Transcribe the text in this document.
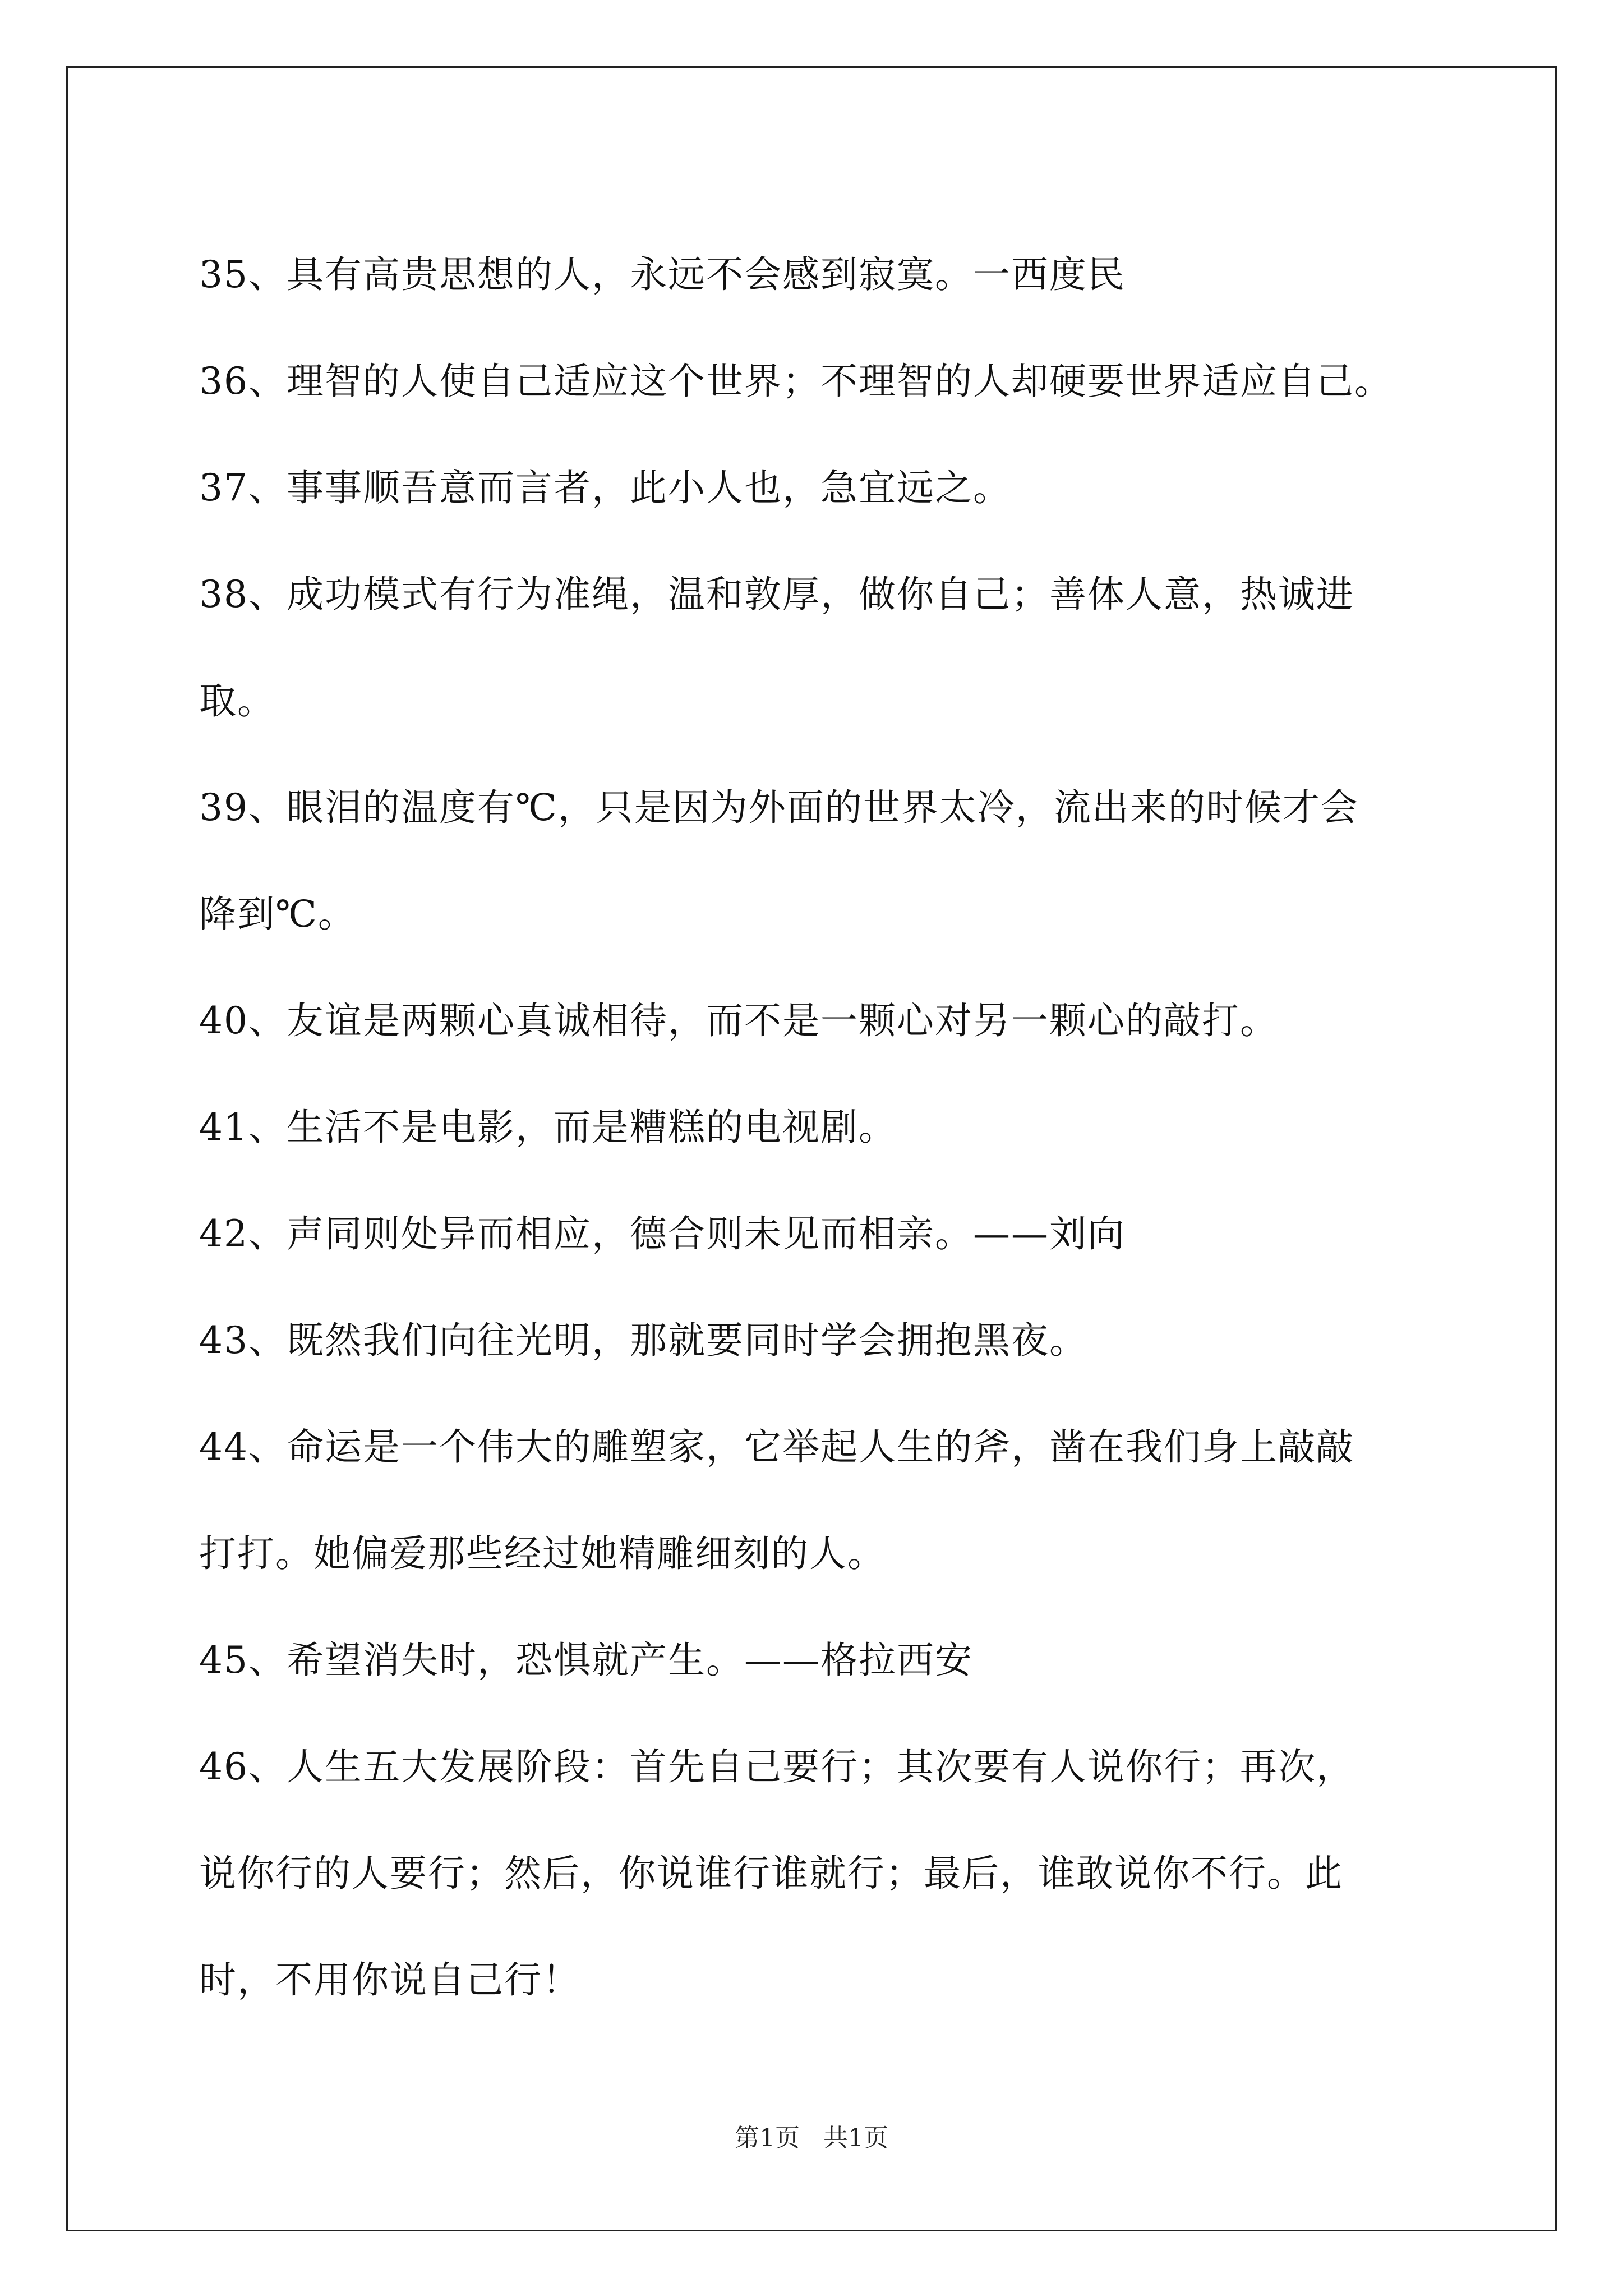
35、具有高贵思想的人，永远不会感到寂寞。一西度民
36、理智的人使自己适应这个世界；不理智的人却硬要世界适应自己。
37、事事顺吾意而言者，此小人也，急宜远之。
38、成功模式有行为准绳，温和敦厚，做你自己；善体人意，热诚进
取。
39、眼泪的温度有℃，只是因为外面的世界太冷，流出来的时候才会
降到℃。
40、友谊是两颗心真诚相待，而不是一颗心对另一颗心的敲打。
41、生活不是电影，而是糟糕的电视剧。
42、声同则处异而相应，德合则未见而相亲。——刘向
43、既然我们向往光明，那就要同时学会拥抱黑夜。
44、命运是一个伟大的雕塑家，它举起人生的斧，凿在我们身上敲敲
打打。她偏爱那些经过她精雕细刻的人。
45、希望消失时，恐惧就产生。——格拉西安
46、人生五大发展阶段：首先自己要行；其次要有人说你行；再次，
说你行的人要行；然后，你说谁行谁就行；最后，谁敢说你不行。此
时，不用你说自己行！
第1页   共1页
